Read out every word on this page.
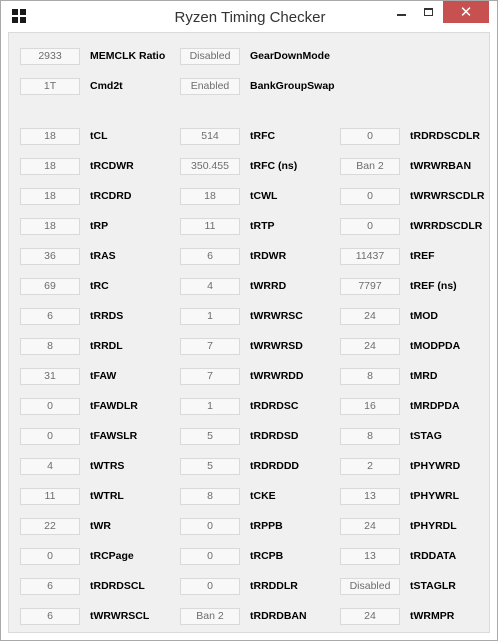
Ryzen Timing Checker	✕
2933	MEMCLK Ratio	Disabled	GearDownMode
1T	Cmd2t	Enabled	BankGroupSwap
18	tCL	514	tRFC	0	tRDRDSCDLR
18	tRCDWR	350.455	tRFC (ns)	Ban 2	tWRWRBAN
18	tRCDRD	18	tCWL	0	tWRWRSCDLR
18	tRP	11	tRTP	0	tWRRDSCDLR
36	tRAS	6	tRDWR	11437	tREF
69	tRC	4	tWRRD	7797	tREF (ns)
6	tRRDS	1	tWRWRSC	24	tMOD
8	tRRDL	7	tWRWRSD	24	tMODPDA
31	tFAW	7	tWRWRDD	8	tMRD
0	tFAWDLR	1	tRDRDSC	16	tMRDPDA
0	tFAWSLR	5	tRDRDSD	8	tSTAG
4	tWTRS	5	tRDRDDD	2	tPHYWRD
11	tWTRL	8	tCKE	13	tPHYWRL
22	tWR	0	tRPPB	24	tPHYRDL
0	tRCPage	0	tRCPB	13	tRDDATA
6	tRDRDSCL	0	tRRDDLR	Disabled	tSTAGLR
6	tWRWRSCL	Ban 2	tRDRDBAN	24	tWRMPR
